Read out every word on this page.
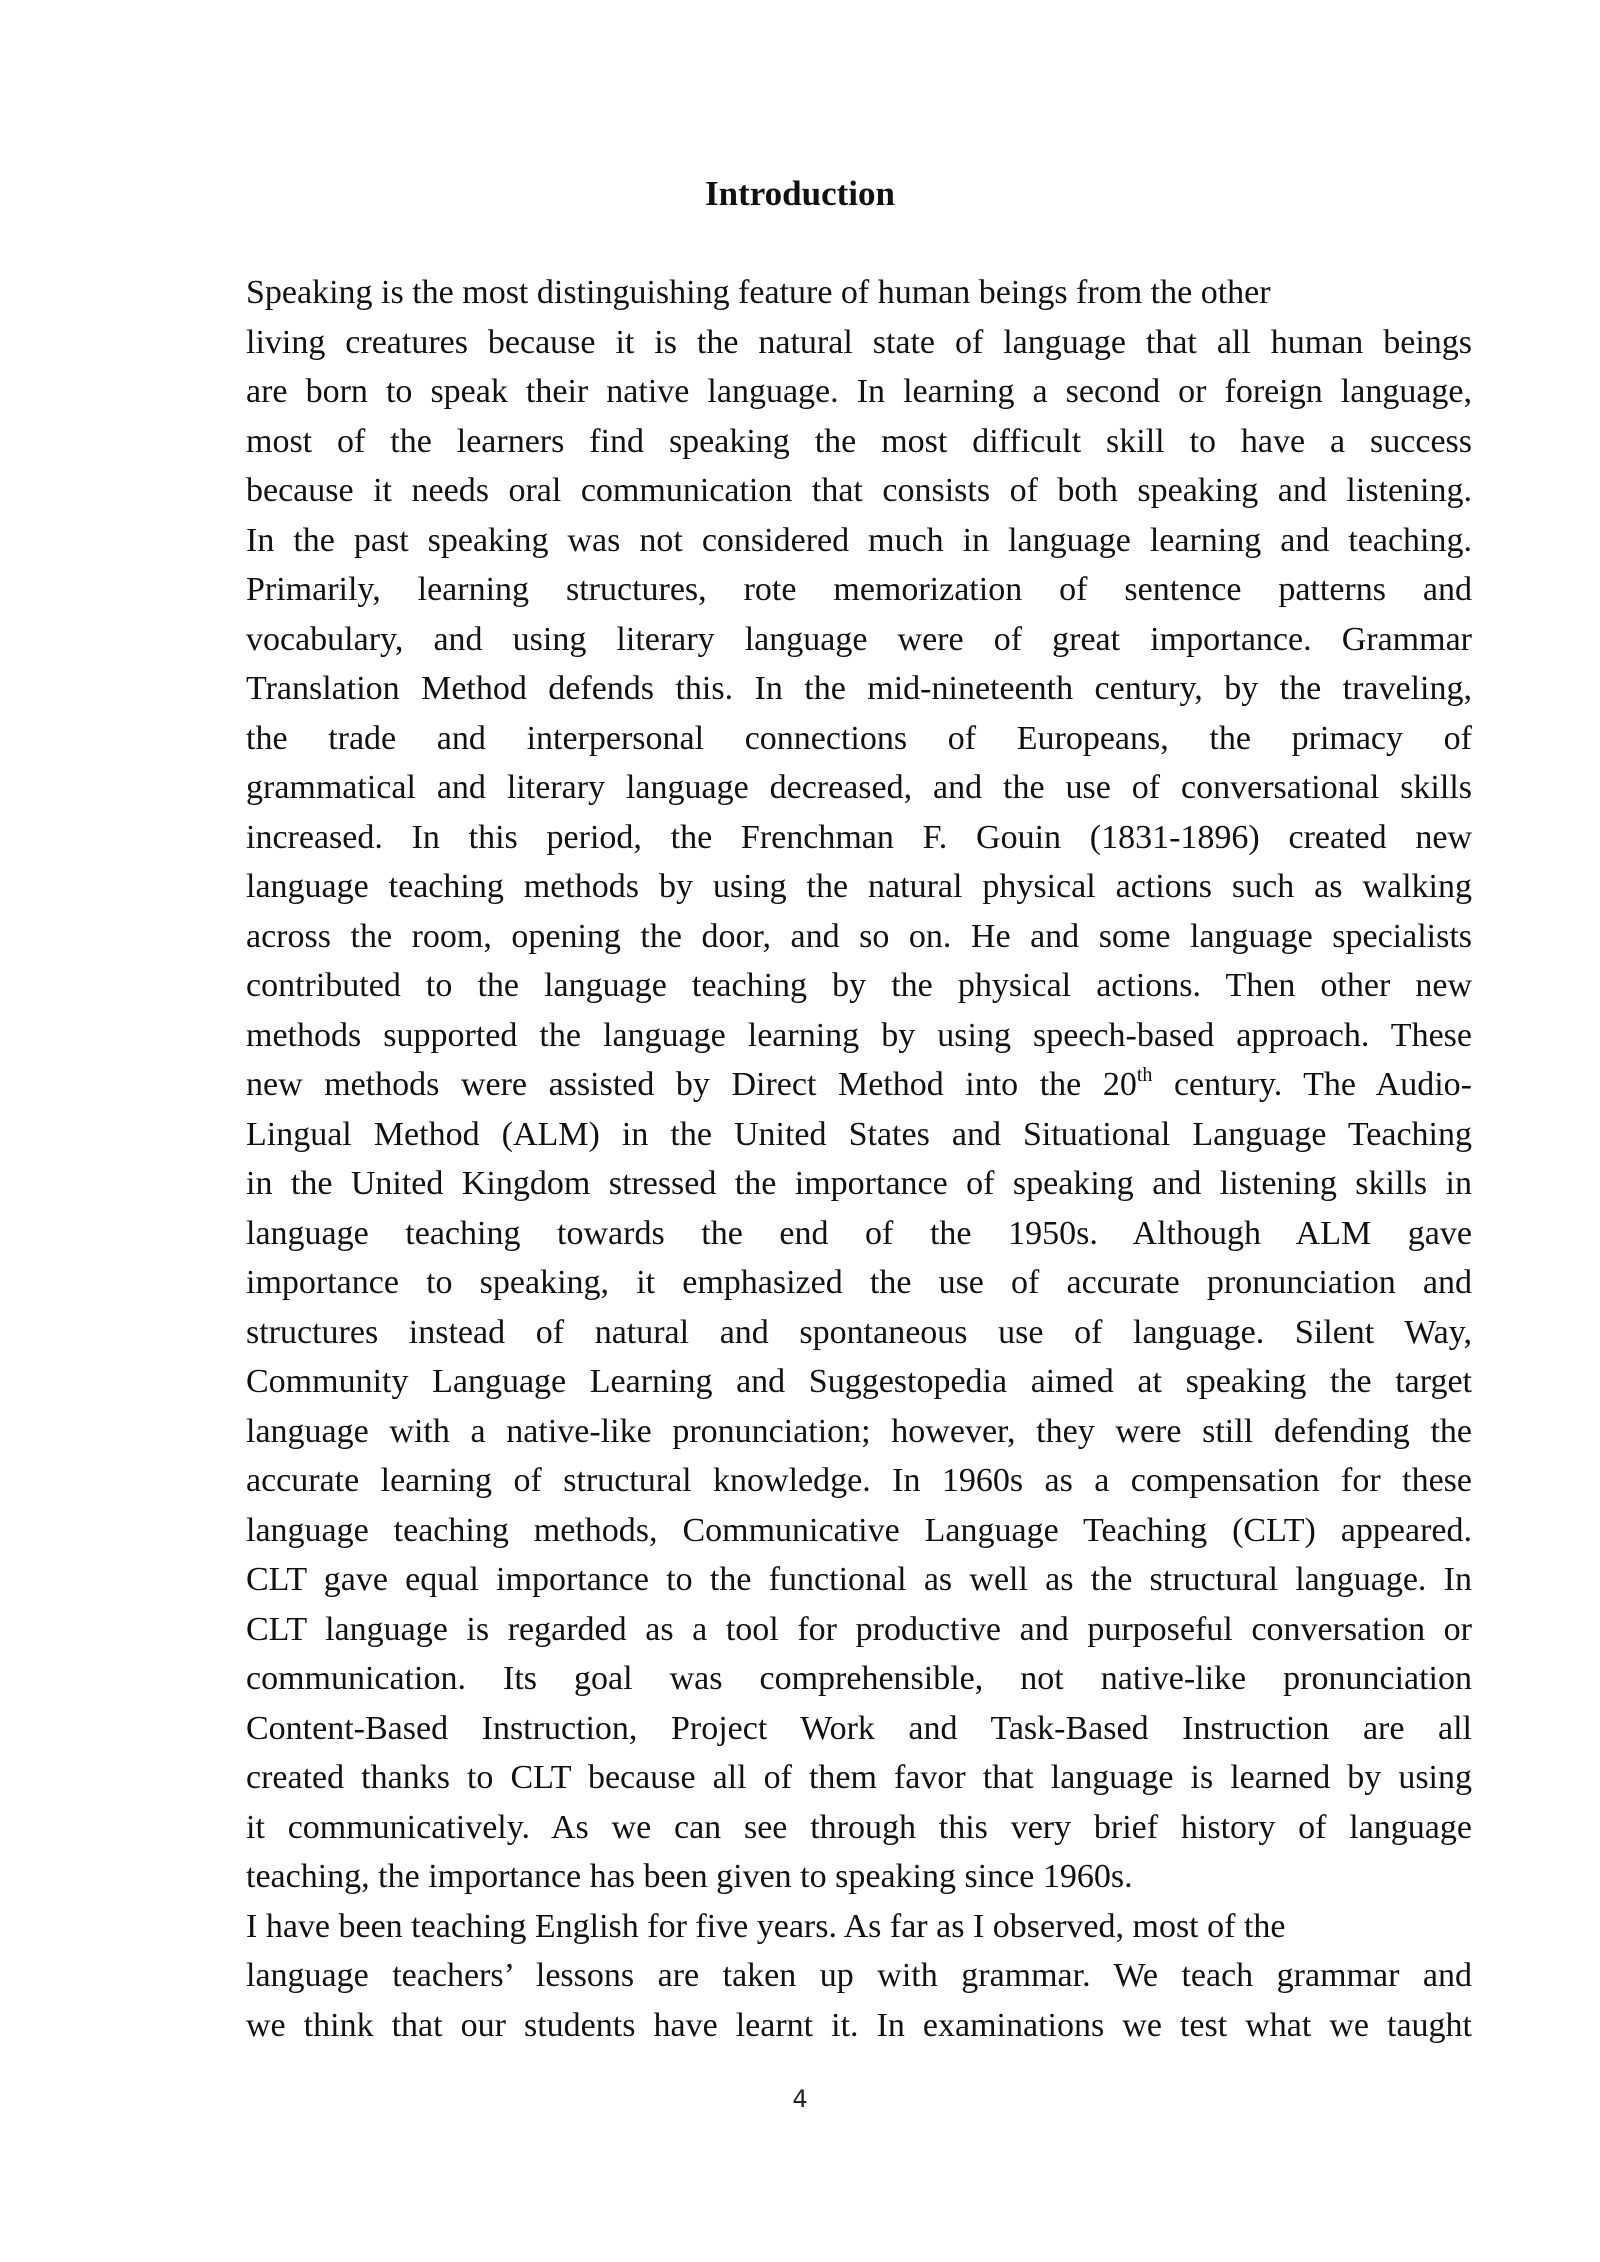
Introduction
Speaking is the most distinguishing feature of human beings from the other
living creatures because it is the natural state of language that all human beings
are born to speak their native language. In learning a second or foreign language,
most of the learners find speaking the most difficult skill to have a success
because it needs oral communication that consists of both speaking and listening.
In the past speaking was not considered much in language learning and teaching.
Primarily, learning structures, rote memorization of sentence patterns and
vocabulary, and using literary language were of great importance. Grammar
Translation Method defends this. In the mid-nineteenth century, by the traveling,
the trade and interpersonal connections of Europeans, the primacy of
grammatical and literary language decreased, and the use of conversational skills
increased. In this period, the Frenchman F. Gouin (1831-1896) created new
language teaching methods by using the natural physical actions such as walking
across the room, opening the door, and so on. He and some language specialists
contributed to the language teaching by the physical actions. Then other new
methods supported the language learning by using speech-based approach. These
new methods were assisted by Direct Method into the 20th century. The Audio-
Lingual Method (ALM) in the United States and Situational Language Teaching
in the United Kingdom stressed the importance of speaking and listening skills in
language teaching towards the end of the 1950s. Although ALM gave
importance to speaking, it emphasized the use of accurate pronunciation and
structures instead of natural and spontaneous use of language. Silent Way,
Community Language Learning and Suggestopedia aimed at speaking the target
language with a native-like pronunciation; however, they were still defending the
accurate learning of structural knowledge. In 1960s as a compensation for these
language teaching methods, Communicative Language Teaching (CLT) appeared.
CLT gave equal importance to the functional as well as the structural language. In
CLT language is regarded as a tool for productive and purposeful conversation or
communication. Its goal was comprehensible, not native-like pronunciation
Content-Based Instruction, Project Work and Task-Based Instruction are all
created thanks to CLT because all of them favor that language is learned by using
it communicatively. As we can see through this very brief history of language
teaching, the importance has been given to speaking since 1960s.
I have been teaching English for five years. As far as I observed, most of the
language teachers’ lessons are taken up with grammar. We teach grammar and
we think that our students have learnt it. In examinations we test what we taught
4
